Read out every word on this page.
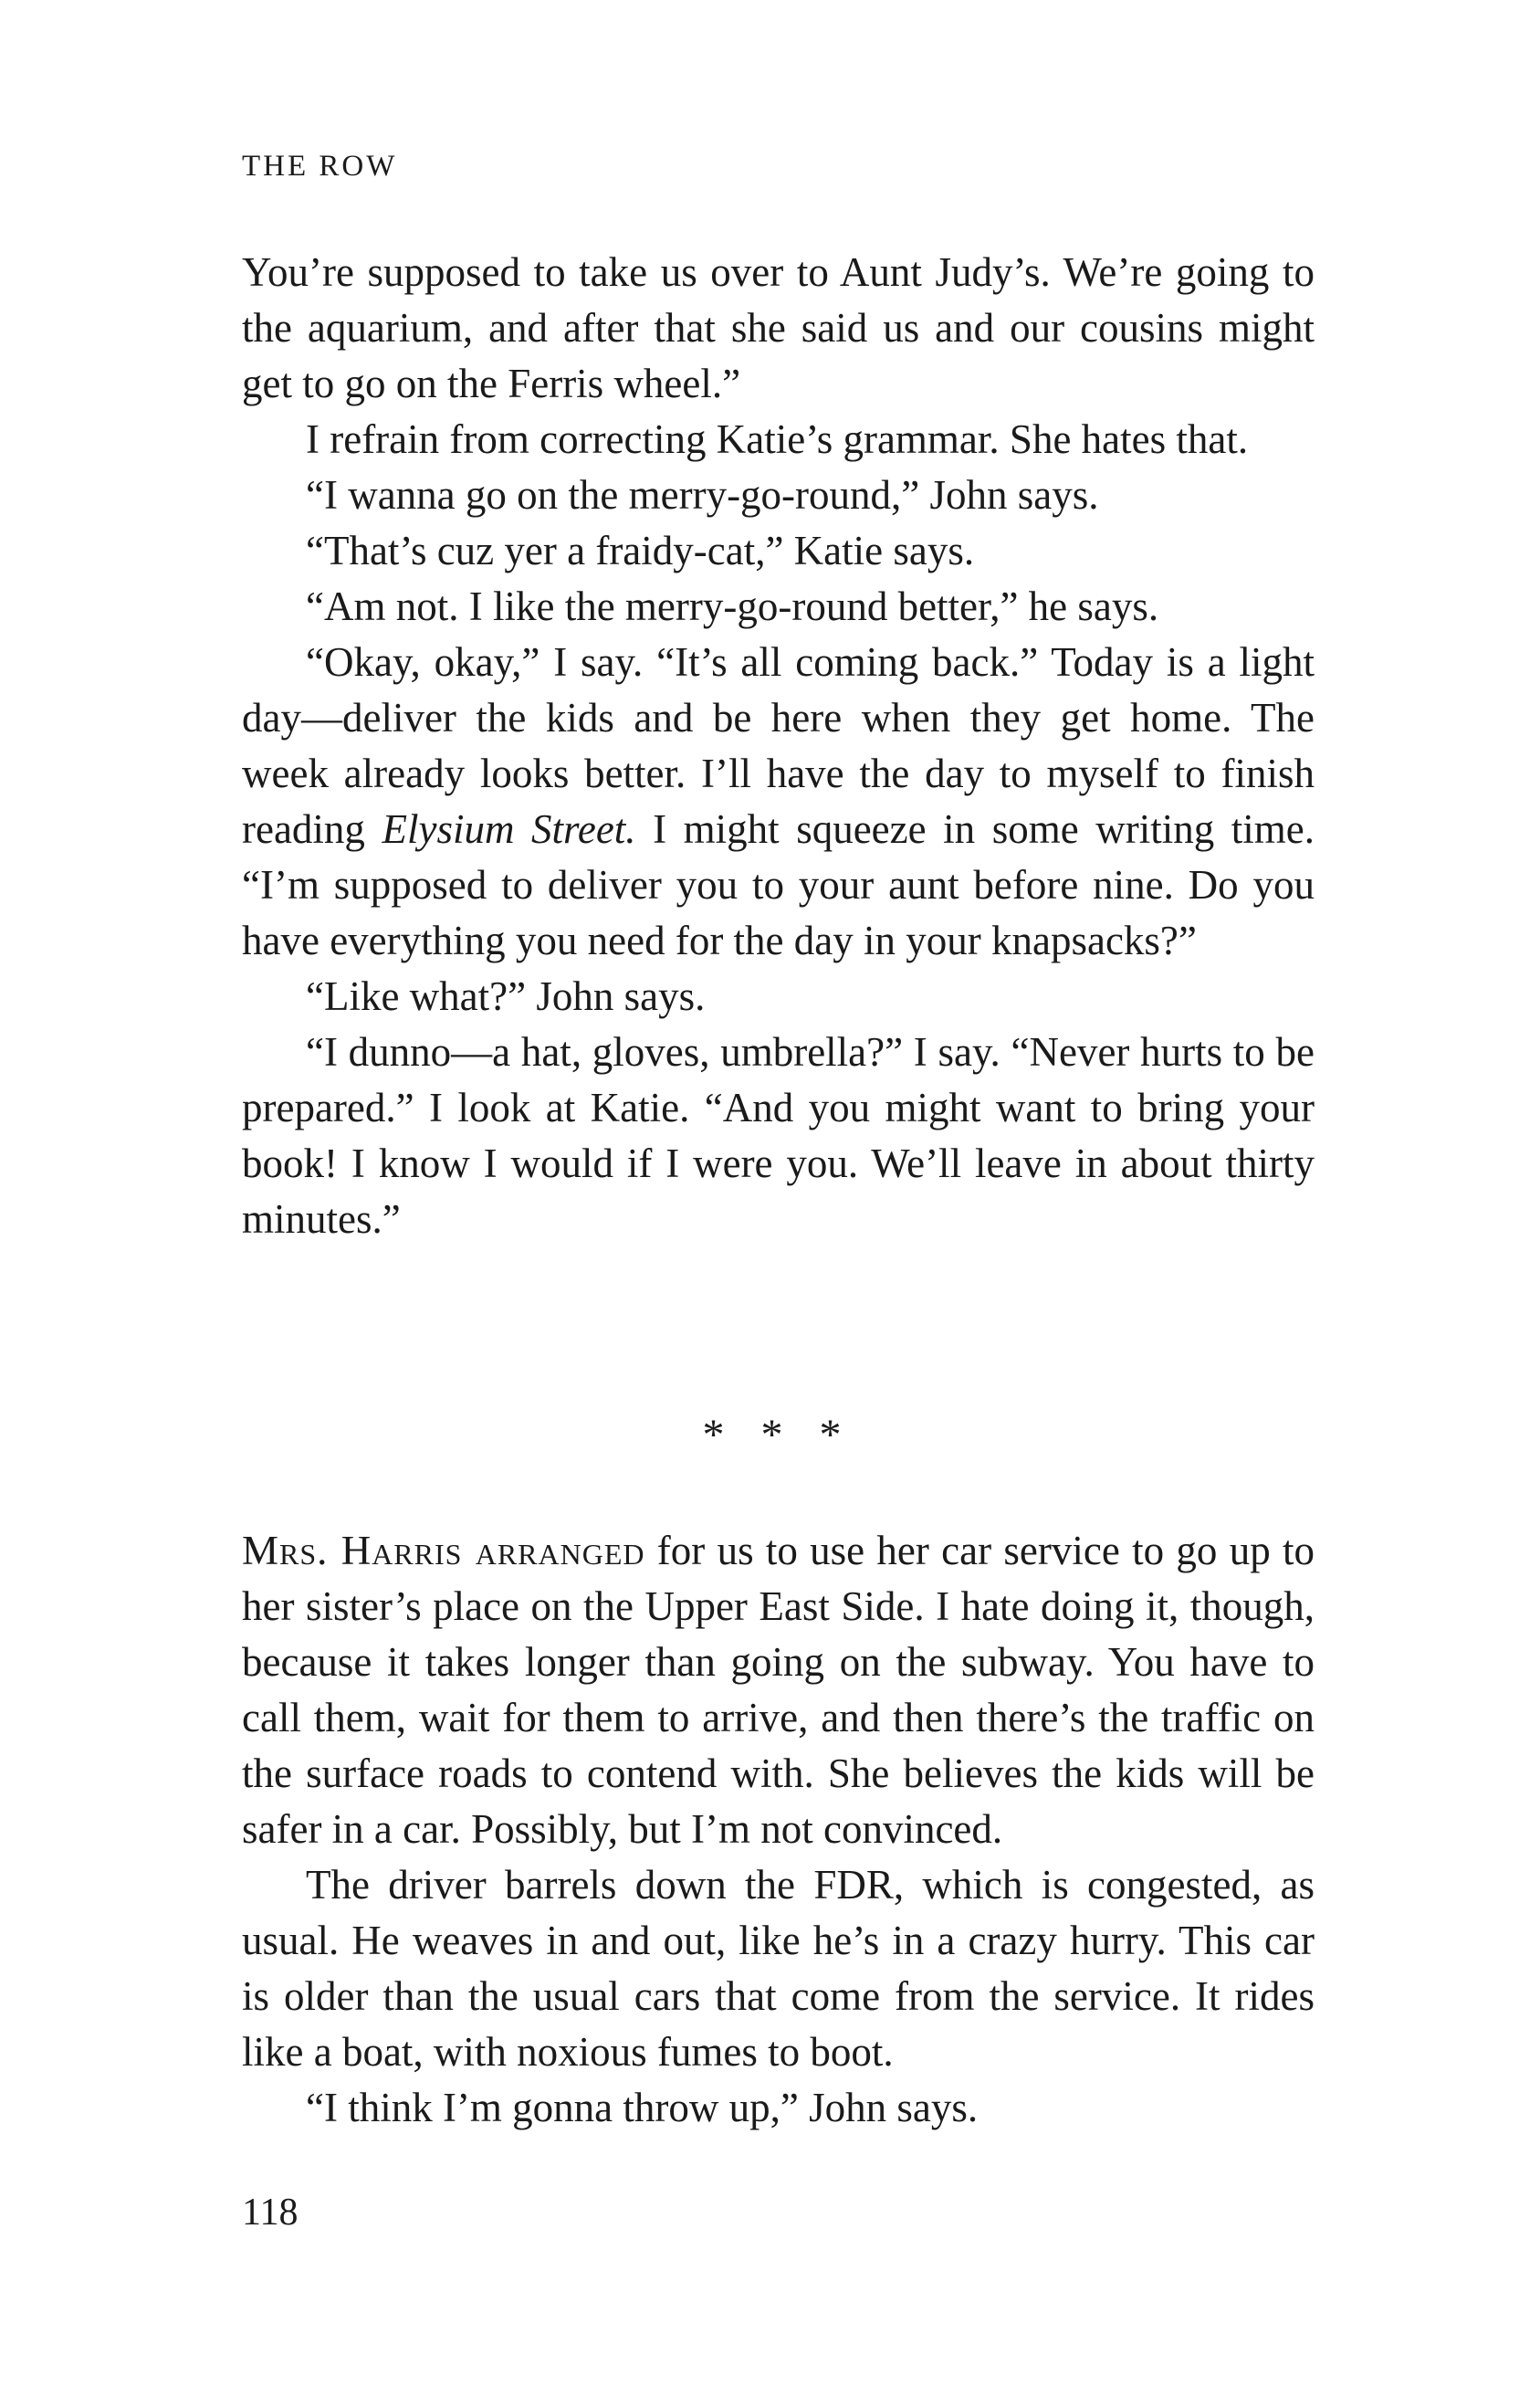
THE ROW

You’re supposed to take us over to Aunt Judy’s. We’re going to the aquarium, and after that she said us and our cousins might get to go on the Ferris wheel.”

I refrain from correcting Katie’s grammar. She hates that.

“I wanna go on the merry-go-round,” John says.

“That’s cuz yer a fraidy-cat,” Katie says.

“Am not. I like the merry-go-round better,” he says.

“Okay, okay,” I say. “It’s all coming back.” Today is a light day—deliver the kids and be here when they get home. The week already looks better. I’ll have the day to myself to finish reading Elysium Street. I might squeeze in some writing time. “I’m supposed to deliver you to your aunt before nine. Do you have everything you need for the day in your knapsacks?”

“Like what?” John says.

“I dunno—a hat, gloves, umbrella?” I say. “Never hurts to be prepared.” I look at Katie. “And you might want to bring your book! I know I would if I were you. We’ll leave in about thirty minutes.”

* * *

Mrs. Harris arranged for us to use her car service to go up to her sister’s place on the Upper East Side. I hate doing it, though, because it takes longer than going on the subway. You have to call them, wait for them to arrive, and then there’s the traffic on the surface roads to contend with. She believes the kids will be safer in a car. Possibly, but I’m not convinced.

The driver barrels down the FDR, which is congested, as usual. He weaves in and out, like he’s in a crazy hurry. This car is older than the usual cars that come from the service. It rides like a boat, with noxious fumes to boot.

“I think I’m gonna throw up,” John says.

118
